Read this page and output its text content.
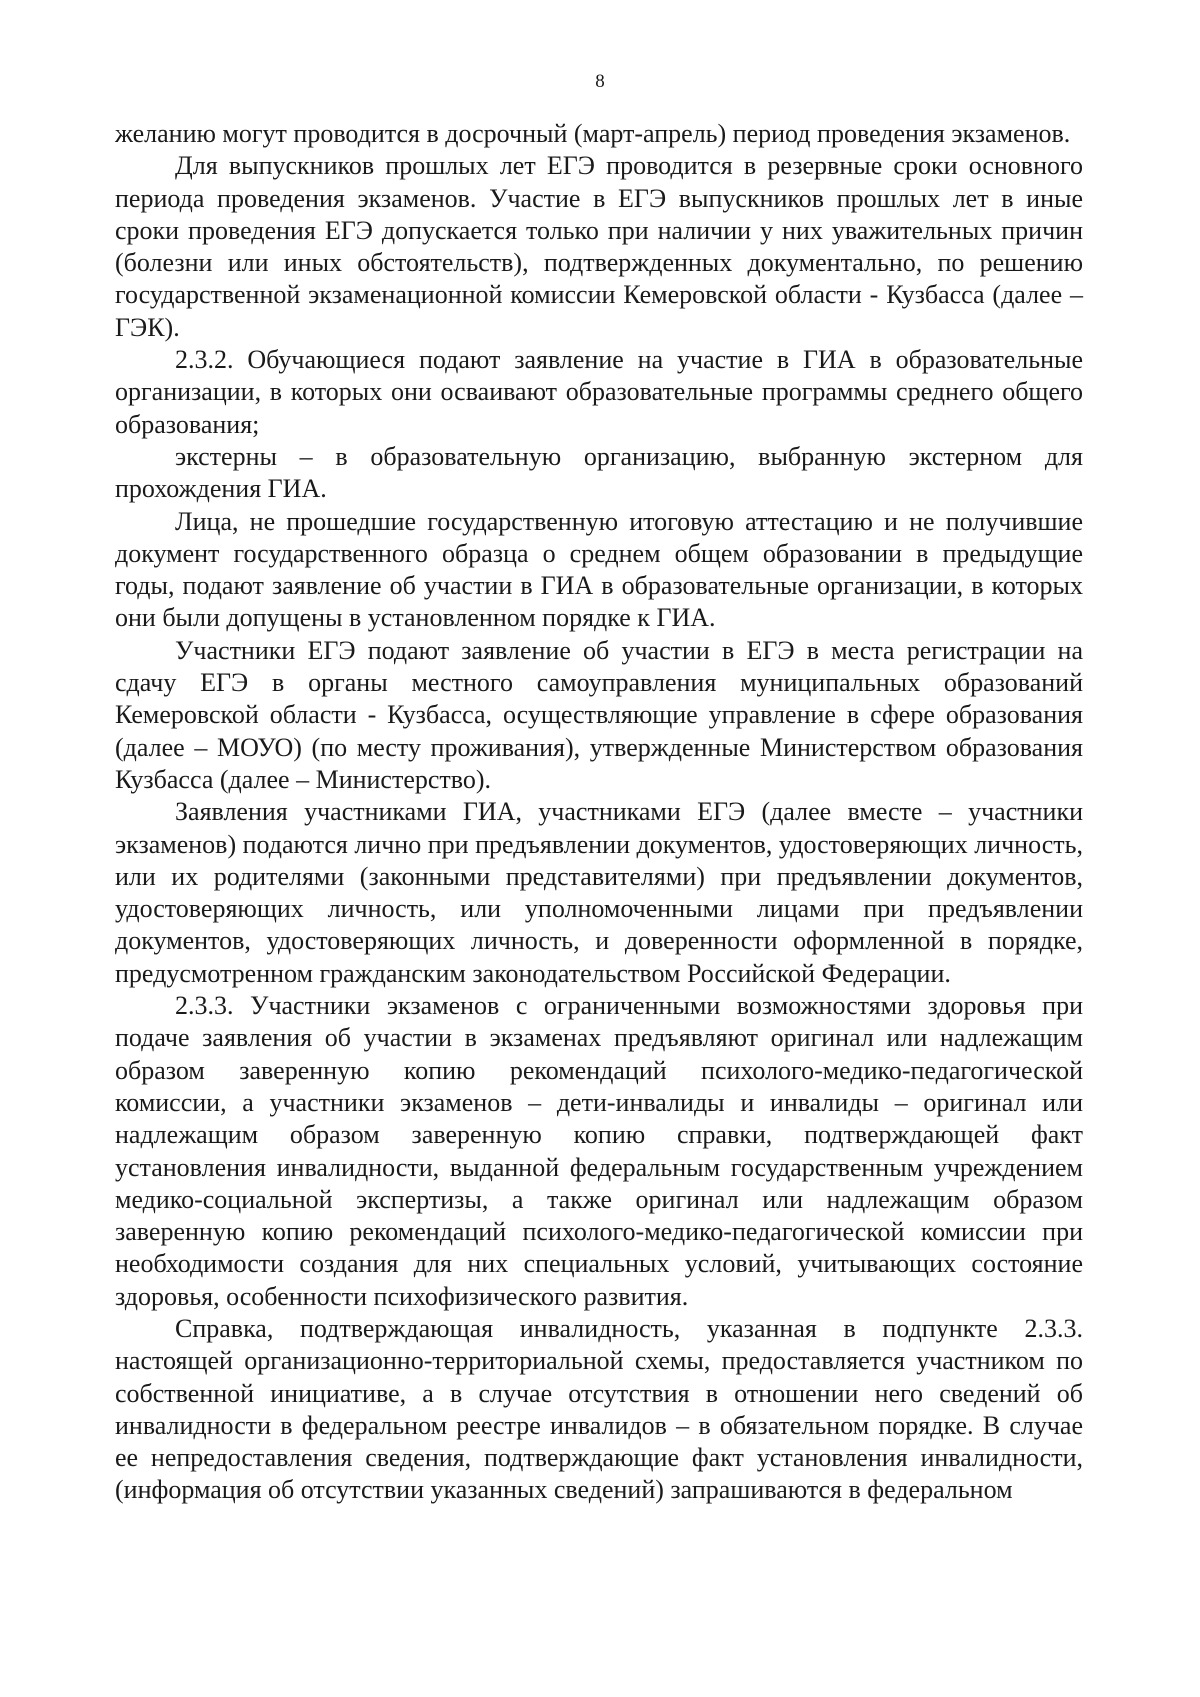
8

желанию могут проводится в досрочный (март-апрель) период проведения экзаменов.

Для выпускников прошлых лет ЕГЭ проводится в резервные сроки основного периода проведения экзаменов. Участие в ЕГЭ выпускников прошлых лет в иные сроки проведения ЕГЭ допускается только при наличии у них уважительных причин (болезни или иных обстоятельств), подтвержденных документально, по решению государственной экзаменационной комиссии Кемеровской области - Кузбасса (далее – ГЭК).

2.3.2. Обучающиеся подают заявление на участие в ГИА в образовательные организации, в которых они осваивают образовательные программы среднего общего образования;

экстерны – в образовательную организацию, выбранную экстерном для прохождения ГИА.

Лица, не прошедшие государственную итоговую аттестацию и не получившие документ государственного образца о среднем общем образовании в предыдущие годы, подают заявление об участии в ГИА в образовательные организации, в которых они были допущены в установленном порядке к ГИА.

Участники ЕГЭ подают заявление об участии в ЕГЭ в места регистрации на сдачу ЕГЭ в органы местного самоуправления муниципальных образований Кемеровской области - Кузбасса, осуществляющие управление в сфере образования (далее – МОУО) (по месту проживания), утвержденные Министерством образования Кузбасса (далее – Министерство).

Заявления участниками ГИА, участниками ЕГЭ (далее вместе – участники экзаменов) подаются лично при предъявлении документов, удостоверяющих личность, или их родителями (законными представителями) при предъявлении документов, удостоверяющих личность, или уполномоченными лицами при предъявлении документов, удостоверяющих личность, и доверенности оформленной в порядке, предусмотренном гражданским законодательством Российской Федерации.

2.3.3. Участники экзаменов с ограниченными возможностями здоровья при подаче заявления об участии в экзаменах предъявляют оригинал или надлежащим образом заверенную копию рекомендаций психолого-медико-педагогической комиссии, а участники экзаменов – дети-инвалиды и инвалиды – оригинал или надлежащим образом заверенную копию справки, подтверждающей факт установления инвалидности, выданной федеральным государственным учреждением медико-социальной экспертизы, а также оригинал или надлежащим образом заверенную копию рекомендаций психолого-медико-педагогической комиссии при необходимости создания для них специальных условий, учитывающих состояние здоровья, особенности психофизического развития.

Справка, подтверждающая инвалидность, указанная в подпункте 2.3.3. настоящей организационно-территориальной схемы, предоставляется участником по собственной инициативе, а в случае отсутствия в отношении него сведений об инвалидности в федеральном реестре инвалидов – в обязательном порядке. В случае ее непредоставления сведения, подтверждающие факт установления инвалидности, (информация об отсутствии указанных сведений) запрашиваются в федеральном
